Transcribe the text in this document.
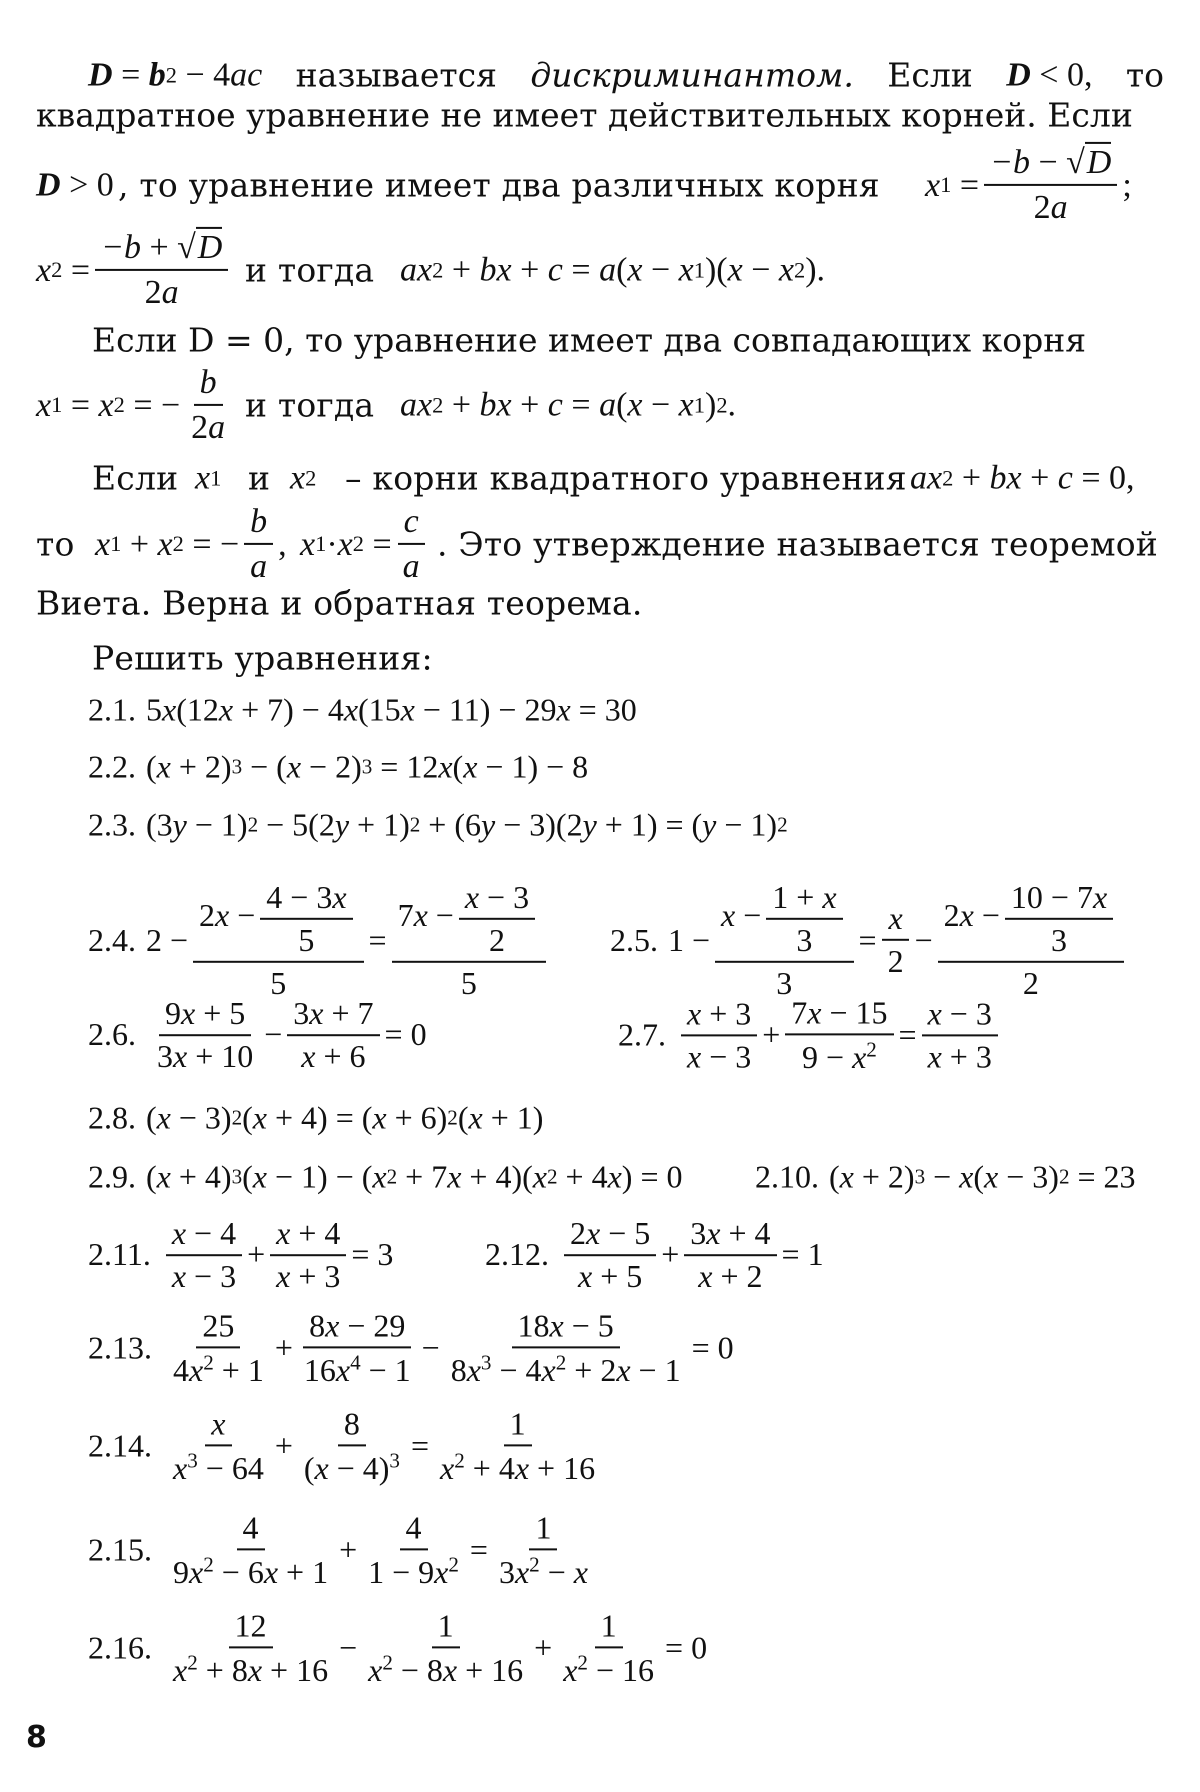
D = b 2 − 4 ac называется дискриминантом. Если D < 0, то
квадратное уравнение не имеет действительных корней. Если
D > 0 , то уравнение имеет два различных корня x $1 = \frac{-b - √D}{2a}$ ;
x $2 = \frac{-b + √D}{2a}$ и тогда ax 2 + bx + c = a ( x − x 1 )( x − x 2 ).
Если D = 0, то уравнение имеет два совпадающих корня
x 1 = x 2 = − $\frac{b}{2a}$ и тогда ax 2 + bx + c = a ( x − x 1 ) 2 .
Если x 1 и x 2 – корни квадратного уравнения ax 2 + bx + c = 0,
то x 1 + x 2 = − $\frac{b}{a}$ , x 1 · x $2 = \frac{c}{a}$ . Это утверждение называется теоремой
Виета. Верна и обратная теорема.
Решить уравнения:
2.1. 5 x (12 x + 7) − 4 x (15 x − 11) − 29 x = 30
2.2. ( x + 2) 3 − ( x − 2) 3 = 12 x ( x − 1) − 8
2.3. (3 y − 1) 2 − 5(2 y + 1) 2 + (6 y − 3)(2 y + 1) = ( y − 1) 2
2.4. $2 - \frac{2x - \frac{4 - 3x}{5}}{5} = \frac{7x - \frac{x - 3}{2}}{5} 2.5$. $1 - \frac{x - \frac{1 + x}{3}}{3} = \frac{x}{2} - \frac{2x - \frac{10 - 7x}{3}}{2}$
2.6. $\frac{9x + 5}{3x + 10} - \frac{3x + 7}{x + 6} = 0$	2.7. $\frac{x + 3}{x - 3} + \frac{7x - 15}{9 - x^2} = \frac{x - 3}{x + 3}$
2.8. ( x − 3) 2 ( x + 4) = ( x + 6) 2 ( x + 1)
2.9. ( x + 4) 3 ( x − 1) − ( x 2 + 7 x + 4)( x 2 + 4 x ) = 0 2.10. ( x + 2) 3 − x ( x − 3) 2 = 23
2.11. $\frac{x - 4}{x - 3} + \frac{x + 4}{x + 3} = 3$	2.12. $\frac{2x - 5}{x + 5} + \frac{3x + 4}{x + 2} = 1$
2.13. $\frac{25}{4x^2 + 1} + \frac{8x - 29}{16x^4 - 1} - \frac{18x - 5}{8x^3 - 4x^2 + 2x - 1} = 0$
2.14. $\frac{x}{x^3 - 64} + \frac{8}{(x - 4)^3} = \frac{1}{x^2 + 4x + 16}$
2.15. $\frac{4}{9x^2 - 6x + 1} + \frac{4}{1 - 9x^2} = \frac{1}{3x^2 - x}$
2.16. $\frac{12}{x^2 + 8x + 16} - \frac{1}{x^2 - 8x + 16} + \frac{1}{x^2 - 16} = 0$
8
